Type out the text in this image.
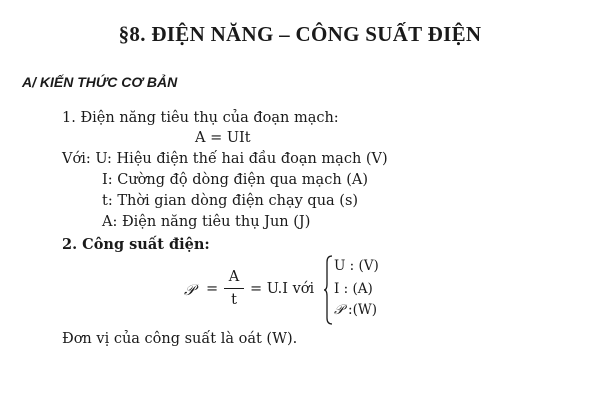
§8. ĐIỆN NĂNG – CÔNG SUẤT ĐIỆN
A/ KIẾN THỨC CƠ BẢN
1. Điện năng tiêu thụ của đoạn mạch:
A = UIt
Với: U: Hiệu điện thế hai đầu đoạn mạch (V)
I: Cường độ dòng điện qua mạch (A)
t: Thời gian dòng điện chạy qua (s)
A: Điện năng tiêu thụ Jun (J)
2. Công suất điện:
𝒫 =
A
t
= U.I với
U : (V)
I : (A)
𝒫 :(W)
Đơn vị của công suất là oát (W).
